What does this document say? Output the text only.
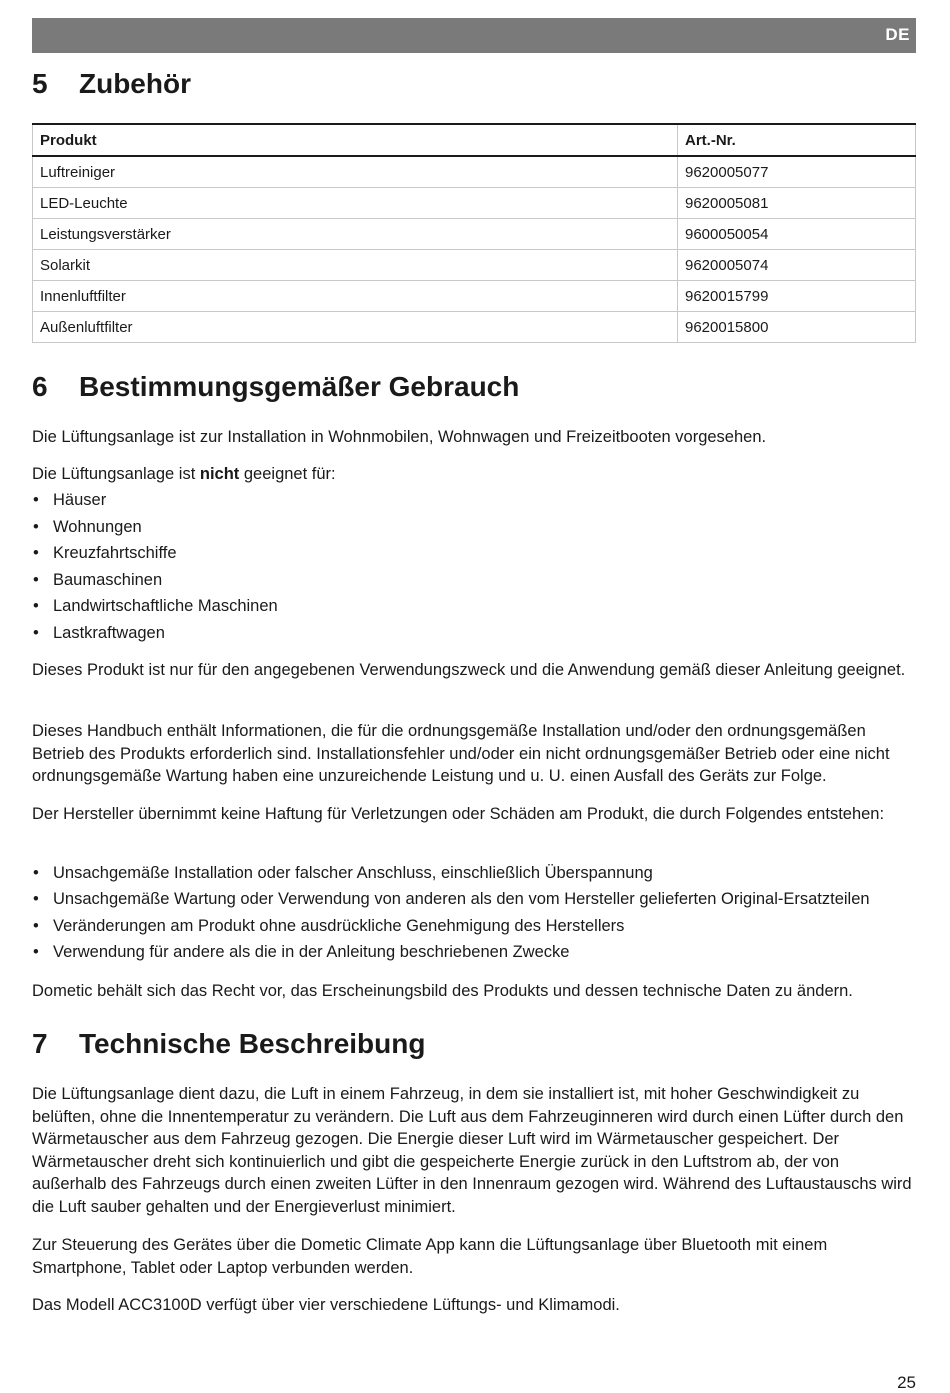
DE
5 Zubehör
Produkt	Art.-Nr.
Luftreiniger	9620005077
LED-Leuchte	9620005081
Leistungsverstärker	9600050054
Solarkit	9620005074
Innenluftfilter	9620015799
Außenluftfilter	9620015800
6 Bestimmungsgemäßer Gebrauch

Die Lüftungsanlage ist zur Installation in Wohnmobilen, Wohnwagen und Freizeitbooten vorgesehen.

Die Lüftungsanlage ist nicht geeignet für:

• Häuser
• Wohnungen
• Kreuzfahrtschiffe
• Baumaschinen
• Landwirtschaftliche Maschinen
• Lastkraftwagen

Dieses Produkt ist nur für den angegebenen Verwendungszweck und die Anwendung gemäß dieser Anleitung geeignet.

Dieses Handbuch enthält Informationen, die für die ordnungsgemäße Installation und/oder den ordnungsgemäßen Betrieb des Produkts erforderlich sind. Installationsfehler und/oder ein nicht ordnungsgemäßer Betrieb oder eine nicht ordnungsgemäße Wartung haben eine unzureichende Leistung und u. U. einen Ausfall des Geräts zur Folge.

Der Hersteller übernimmt keine Haftung für Verletzungen oder Schäden am Produkt, die durch Folgendes entstehen:

• Unsachgemäße Installation oder falscher Anschluss, einschließlich Überspannung
• Unsachgemäße Wartung oder Verwendung von anderen als den vom Hersteller gelieferten Original-Ersatzteilen
• Veränderungen am Produkt ohne ausdrückliche Genehmigung des Herstellers
• Verwendung für andere als die in der Anleitung beschriebenen Zwecke

Dometic behält sich das Recht vor, das Erscheinungsbild des Produkts und dessen technische Daten zu ändern.

7 Technische Beschreibung

Die Lüftungsanlage dient dazu, die Luft in einem Fahrzeug, in dem sie installiert ist, mit hoher Geschwindigkeit zu belüften, ohne die Innentemperatur zu verändern. Die Luft aus dem Fahrzeuginneren wird durch einen Lüfter durch den Wärmetauscher aus dem Fahrzeug gezogen. Die Energie dieser Luft wird im Wärmetauscher gespeichert. Der Wärmetauscher dreht sich kontinuierlich und gibt die gespeicherte Energie zurück in den Luftstrom ab, der von außerhalb des Fahrzeugs durch einen zweiten Lüfter in den Innenraum gezogen wird. Während des Luftaustauschs wird die Luft sauber gehalten und der Energieverlust minimiert.

Zur Steuerung des Gerätes über die Dometic Climate App kann die Lüftungsanlage über Bluetooth mit einem Smartphone, Tablet oder Laptop verbunden werden.

Das Modell ACC3100D verfügt über vier verschiedene Lüftungs- und Klimamodi.

25
